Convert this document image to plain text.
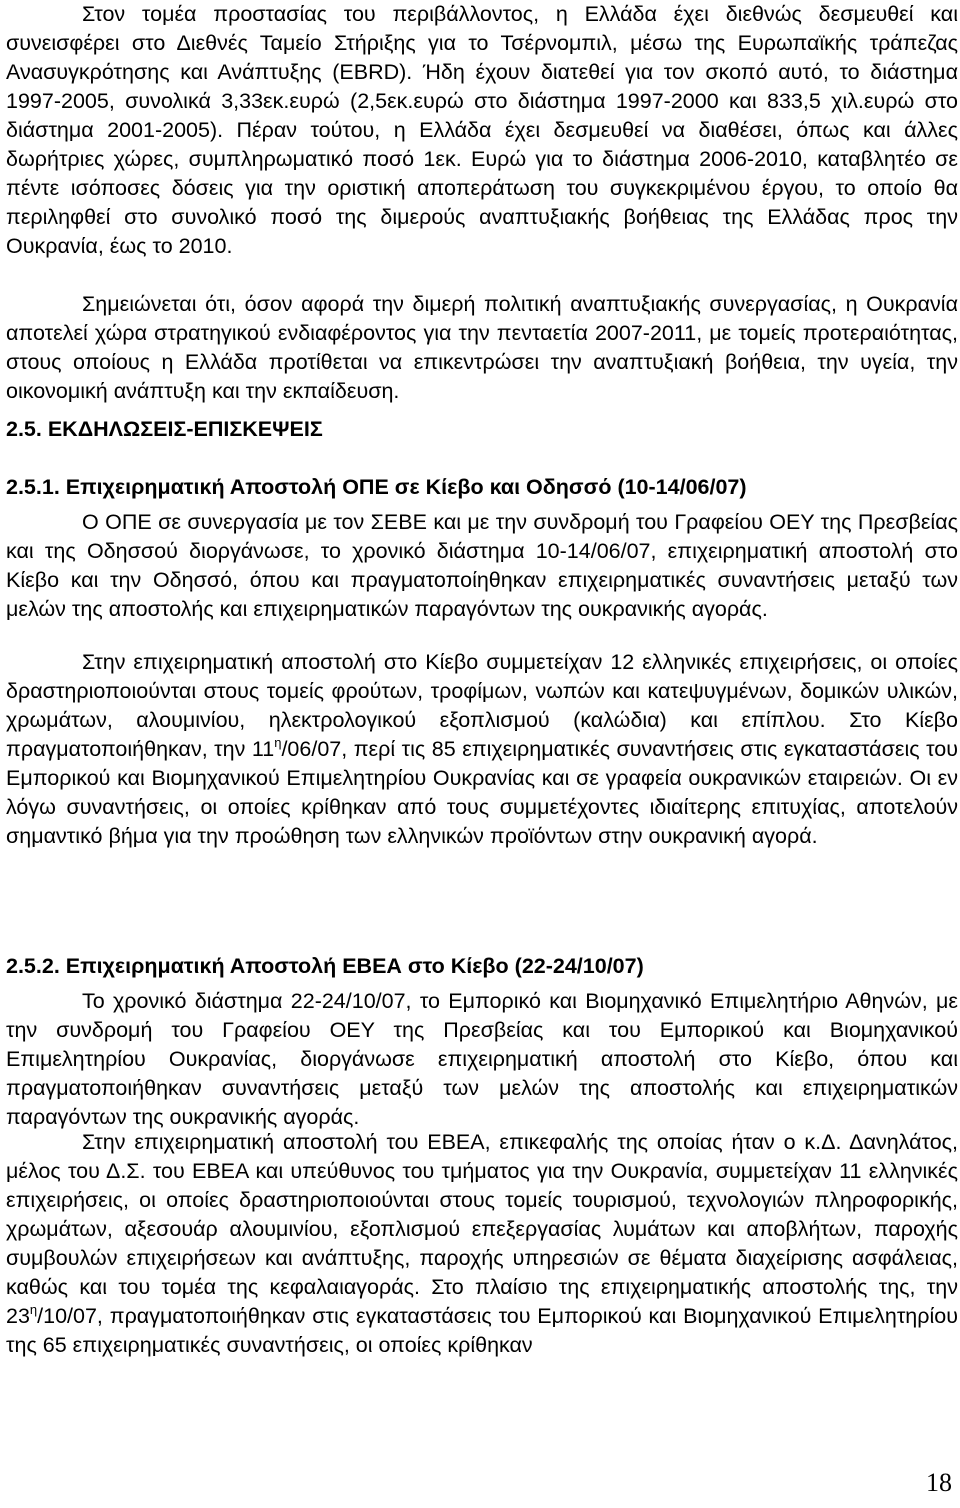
Στον τομέα προστασίας του περιβάλλοντος, η Ελλάδα έχει διεθνώς δεσμευθεί και συνεισφέρει στο Διεθνές Ταμείο Στήριξης για το Τσέρνομπιλ, μέσω της Ευρωπαϊκής τράπεζας Ανασυγκρότησης και Ανάπτυξης (EBRD). Ήδη έχουν διατεθεί για τον σκοπό αυτό, το διάστημα 1997-2005, συνολικά 3,33εκ.ευρώ (2,5εκ.ευρώ στο διάστημα 1997-2000 και 833,5 χιλ.ευρώ στο διάστημα 2001-2005). Πέραν τούτου, η Ελλάδα έχει δεσμευθεί να διαθέσει, όπως και άλλες δωρήτριες χώρες, συμπληρωματικό ποσό 1εκ. Ευρώ για το διάστημα 2006-2010, καταβλητέο σε πέντε ισόποσες δόσεις για την οριστική αποπεράτωση του συγκεκριμένου έργου, το οποίο θα περιληφθεί στο συνολικό ποσό της διμερούς αναπτυξιακής βοήθειας της Ελλάδας προς την Ουκρανία, έως το 2010.

Σημειώνεται ότι, όσον αφορά την διμερή πολιτική αναπτυξιακής συνεργασίας, η Ουκρανία αποτελεί χώρα στρατηγικού ενδιαφέροντος για την πενταετία 2007-2011, με τομείς προτεραιότητας, στους οποίους η Ελλάδα προτίθεται να επικεντρώσει την αναπτυξιακή βοήθεια, την υγεία, την οικονομική ανάπτυξη και την εκπαίδευση.

2.5. ΕΚΔΗΛΩΣΕΙΣ-ΕΠΙΣΚΕΨΕΙΣ
2.5.1. Επιχειρηματική Αποστολή ΟΠΕ σε Κίεβο και Οδησσό (10-14/06/07)

Ο ΟΠΕ σε συνεργασία με τον ΣΕΒΕ και με την συνδρομή του Γραφείου ΟΕΥ της Πρεσβείας και της Οδησσού διοργάνωσε, το χρονικό διάστημα 10-14/06/07, επιχειρηματική αποστολή στο Κίεβο και την Οδησσό, όπου και πραγματοποίηθηκαν επιχειρηματικές συναντήσεις μεταξύ των μελών της αποστολής και επιχειρηματικών παραγόντων της ουκρανικής αγοράς.

Στην επιχειρηματική αποστολή στο Κίεβο συμμετείχαν 12 ελληνικές επιχειρήσεις, οι οποίες δραστηριοποιούνται στους τομείς φρούτων, τροφίμων, νωπών και κατεψυγμένων, δομικών υλικών, χρωμάτων, αλουμινίου, ηλεκτρολογικού εξοπλισμού (καλώδια) και επίπλου. Στο Κίεβο πραγματοποιήθηκαν, την $11^\eta/06/07$, περί τις 85 επιχειρηματικές συναντήσεις στις εγκαταστάσεις του Εμπορικού και Βιομηχανικού Επιμελητηρίου Ουκρανίας και σε γραφεία ουκρανικών εταιρειών. Οι εν λόγω συναντήσεις, οι οποίες κρίθηκαν από τους συμμετέχοντες ιδιαίτερης επιτυχίας, αποτελούν σημαντικό βήμα για την προώθηση των ελληνικών προϊόντων στην ουκρανική αγορά.

2.5.2. Επιχειρηματική Αποστολή ΕΒΕΑ στο Κίεβο (22-24/10/07)

Το χρονικό διάστημα 22-24/10/07, το Εμπορικό και Βιομηχανικό Επιμελητήριο Αθηνών, με την συνδρομή του Γραφείου ΟΕΥ της Πρεσβείας και του Εμπορικού και Βιομηχανικού Επιμελητηρίου Ουκρανίας, διοργάνωσε επιχειρηματική αποστολή στο Κίεβο, όπου και πραγματοποιήθηκαν συναντήσεις μεταξύ των μελών της αποστολής και επιχειρηματικών παραγόντων της ουκρανικής αγοράς.

Στην επιχειρηματική αποστολή του ΕΒΕΑ, επικεφαλής της οποίας ήταν ο κ.Δ. Δανηλάτος, μέλος του Δ.Σ. του ΕΒΕΑ και υπεύθυνος του τμήματος για την Ουκρανία, συμμετείχαν 11 ελληνικές επιχειρήσεις, οι οποίες δραστηριοποιούνται στους τομείς τουρισμού, τεχνολογιών πληροφορικής, χρωμάτων, αξεσουάρ αλουμινίου, εξοπλισμού επεξεργασίας λυμάτων και αποβλήτων, παροχής συμβουλών επιχειρήσεων και ανάπτυξης, παροχής υπηρεσιών σε θέματα διαχείρισης ασφάλειας, καθώς και του τομέα της κεφαλαιαγοράς. Στο πλαίσιο της επιχειρηματικής αποστολής της, την $23^\eta/10/07$, πραγματοποιήθηκαν στις εγκαταστάσεις του Εμπορικού και Βιομηχανικού Επιμελητηρίου της 65 επιχειρηματικές συναντήσεις, οι οποίες κρίθηκαν

18
